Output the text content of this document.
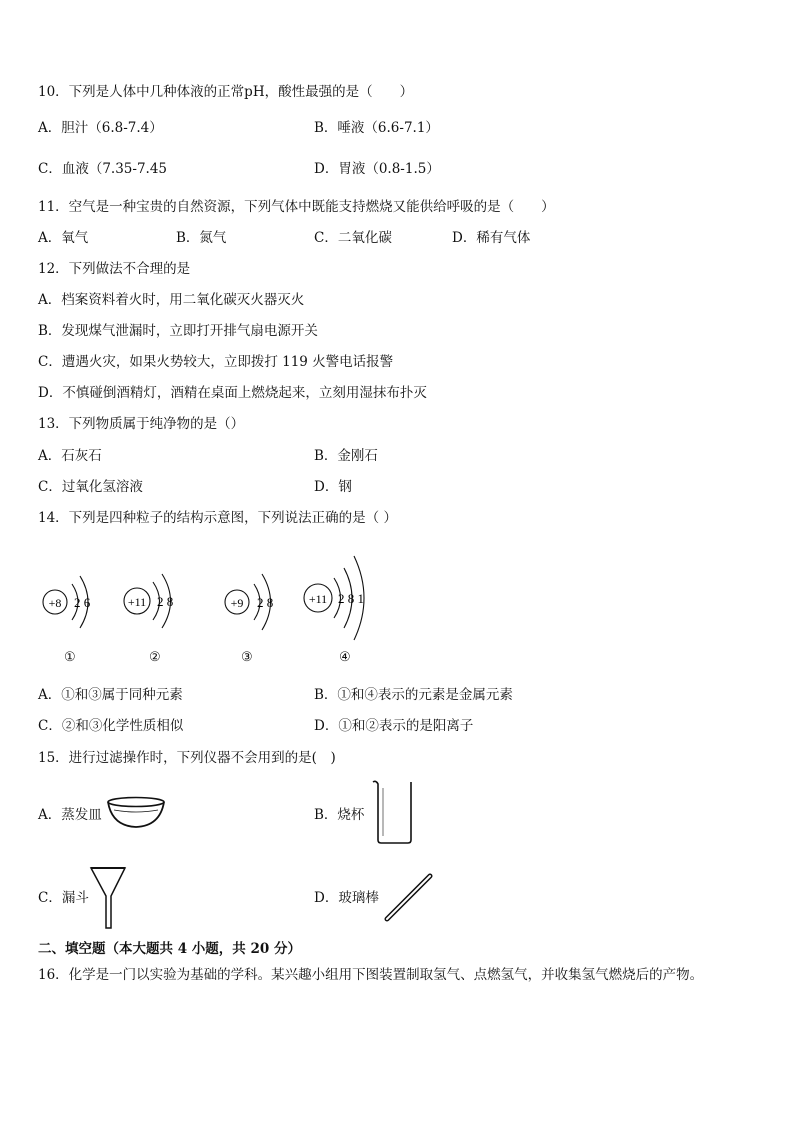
10．下列是人体中几种体液的正常pH，酸性最强的是（　　）
A．胆汁（6.8-7.4）	B．唾液（6.6-7.1）
C．血液（7.35-7.45	D．胃液（0.8-1.5）
11．空气是一种宝贵的自然资源，下列气体中既能支持燃烧又能供给呼吸的是（　　）
A．氧气	B．氮气	C．二氧化碳	D．稀有气体
12．下列做法不合理的是
A．档案资料着火时，用二氧化碳灭火器灭火
B．发现煤气泄漏时，立即打开排气扇电源开关
C．遭遇火灾，如果火势较大，立即拨打 119 火警电话报警
D．不慎碰倒酒精灯，酒精在桌面上燃烧起来，立刻用湿抹布扑灭
13．下列物质属于纯净物的是（）
A．石灰石	B．金刚石
C．过氧化氢溶液	D．钢
14．下列是四种粒子的结构示意图，下列说法正确的是（ ）
+8 2 6
①
+11 2 8
②
+9 2 8
③
+11 2 8 1
④
A．①和③属于同种元素	B．①和④表示的元素是金属元素
C．②和③化学性质相似	D．①和②表示的是阳离子
15．进行过滤操作时，下列仪器不会用到的是(　)
A．蒸发皿	B．烧杯
C．漏斗	D．玻璃棒
二、填空题（本大题共 4 小题，共 20 分）
16．化学是一门以实验为基础的学科。某兴趣小组用下图装置制取氢气、点燃氢气，并收集氢气燃烧后的产物。
